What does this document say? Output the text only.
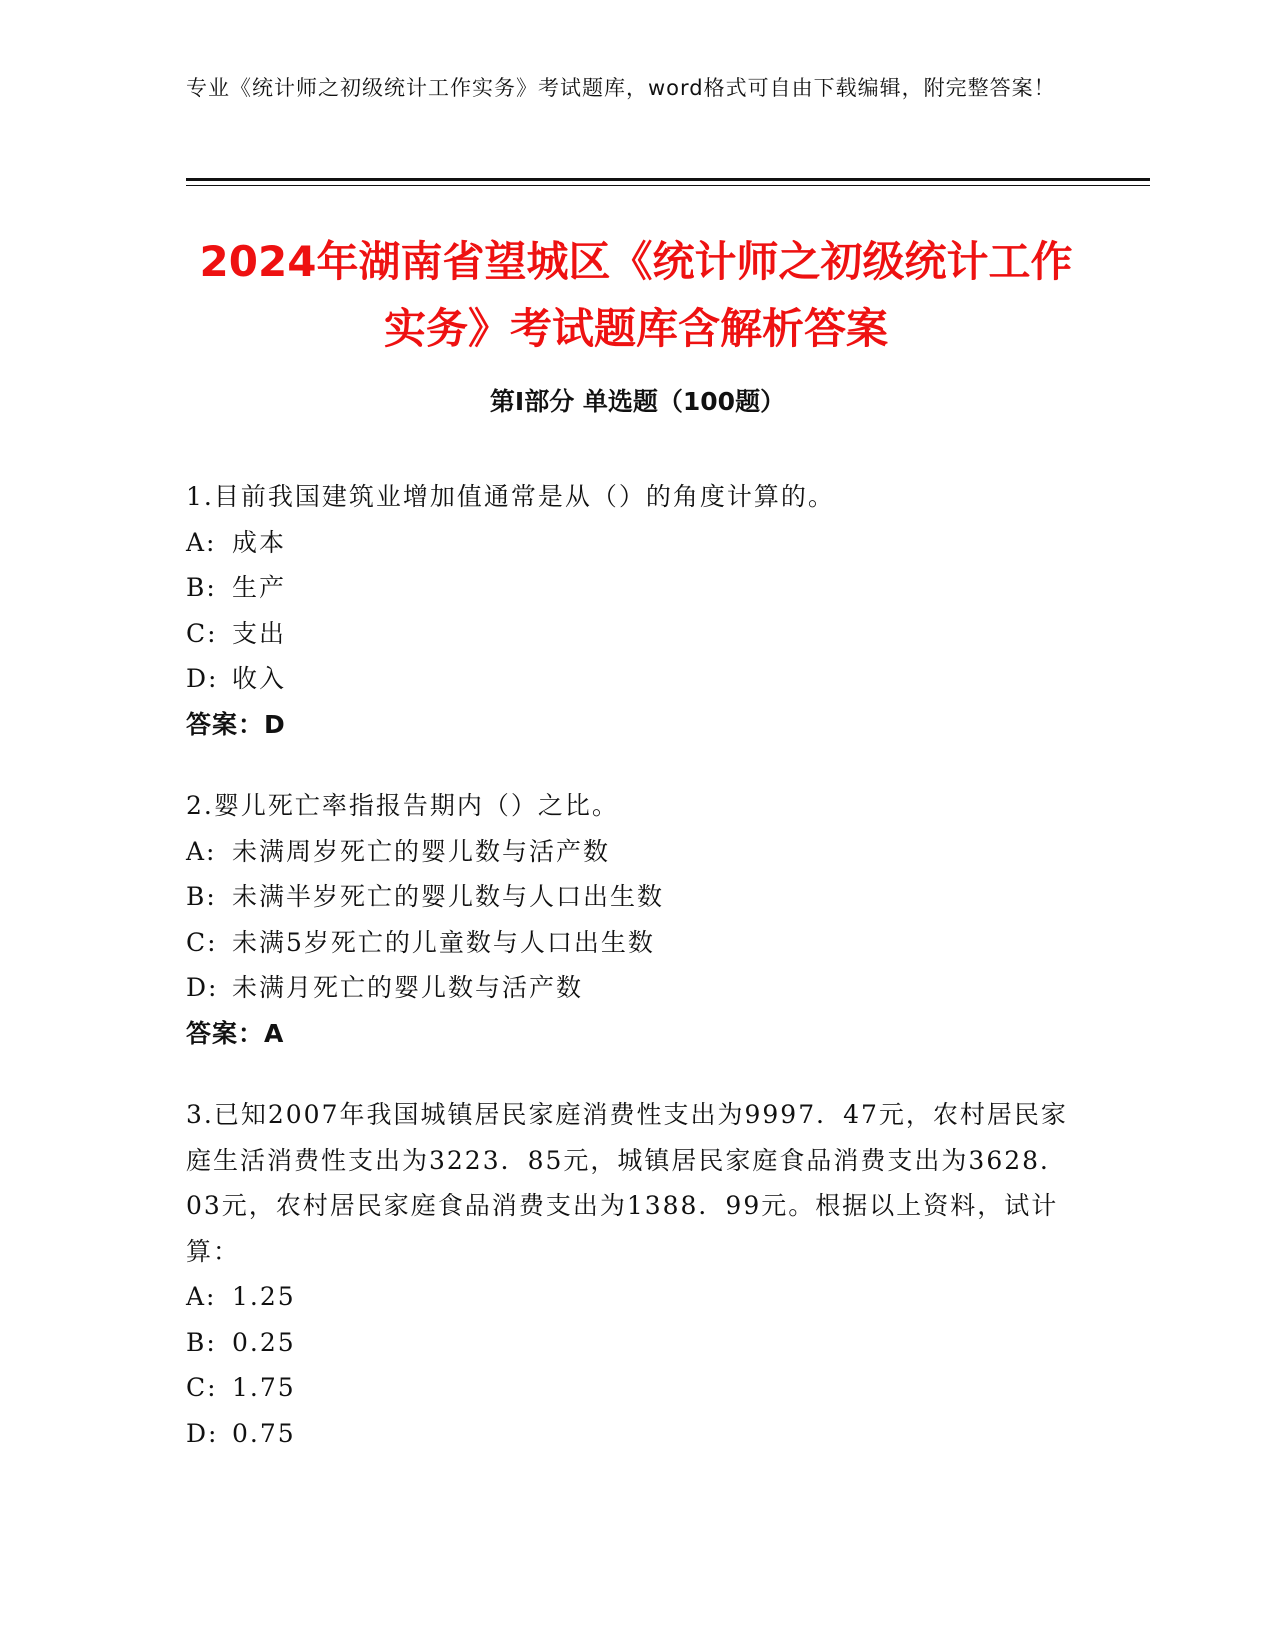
专业《统计师之初级统计工作实务》考试题库，word格式可自由下载编辑，附完整答案！
2024年湖南省望城区《统计师之初级统计工作实务》考试题库含解析答案
第Ⅰ部分 单选题（100题）

1.目前我国建筑业增加值通常是从（）的角度计算的。

A: 成本

B: 生产

C: 支出

D: 收入

答案：D

2.婴儿死亡率指报告期内（）之比。

A: 未满周岁死亡的婴儿数与活产数

B: 未满半岁死亡的婴儿数与人口出生数

C: 未满5岁死亡的儿童数与人口出生数

D: 未满月死亡的婴儿数与活产数

答案：A

3.已知2007年我国城镇居民家庭消费性支出为9997．47元，农村居民家庭生活消费性支出为3223．85元，城镇居民家庭食品消费支出为3628．03元，农村居民家庭食品消费支出为1388．99元。根据以上资料，试计算：

A: 1.25

B: 0.25

C: 1.75

D: 0.75
